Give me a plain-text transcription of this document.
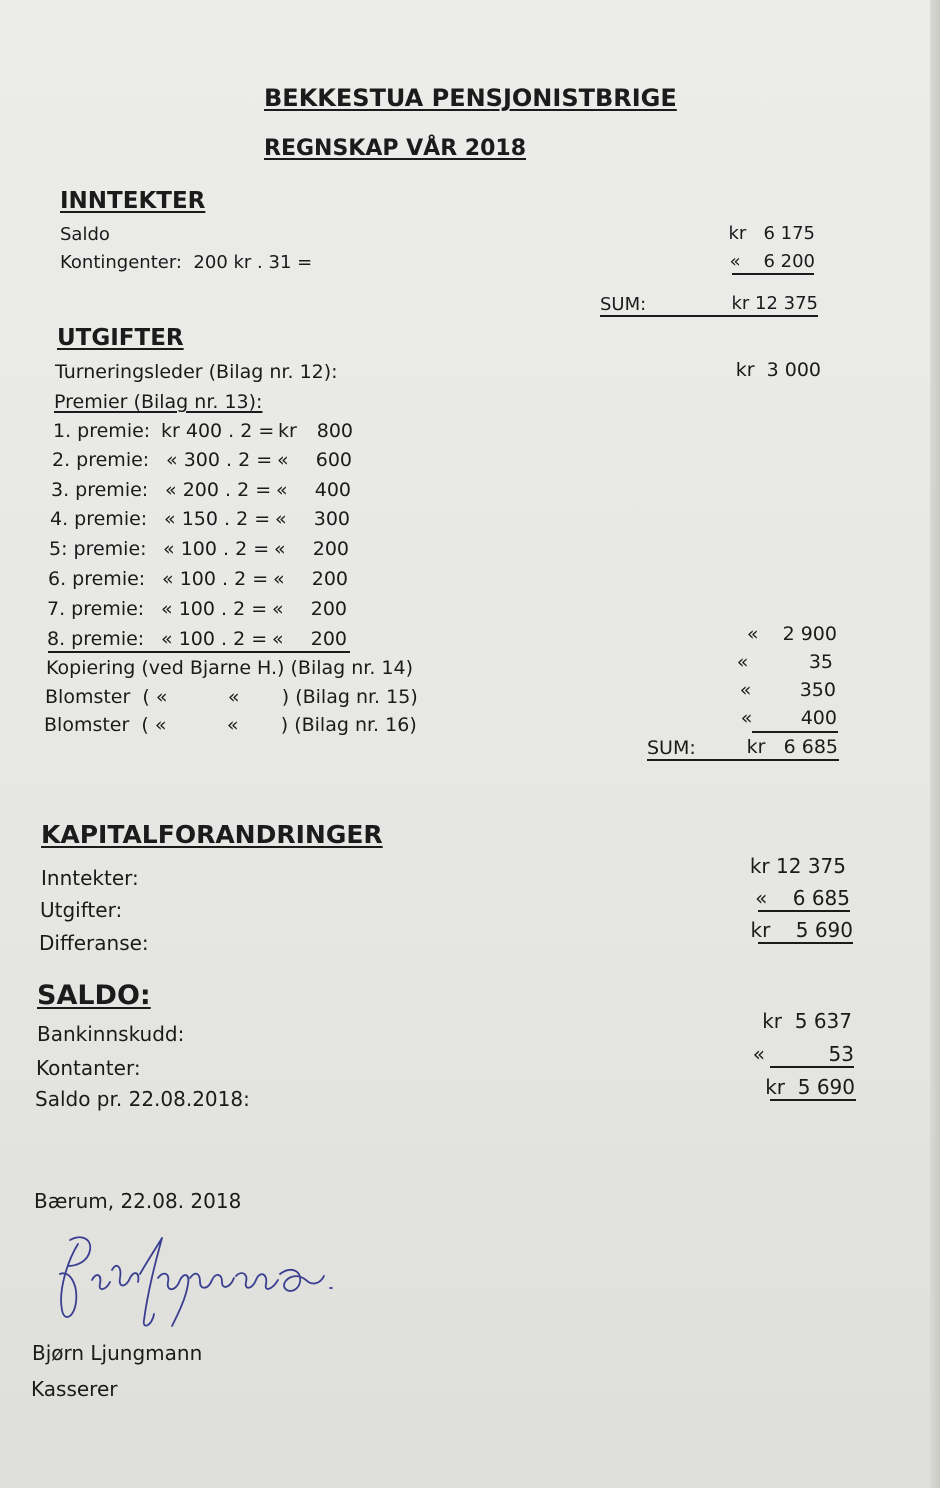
BEKKESTUA PENSJONISTBRIGE
REGNSKAP VÅR 2018
INNTEKTER
Saldo	kr   6 175
Kontingenter:  200 kr . 31 =	«    6 200
SUM:	kr 12 375
UTGIFTER
Turneringsleder (Bilag nr. 12):	kr  3 000
Premier (Bilag nr. 13):
1. premie: kr 400 . 2 = kr	800
2. premie: « 300 . 2 = «	600
3. premie: « 200 . 2 = «	400
4. premie: « 150 . 2 = «	300
5: premie: « 100 . 2 = «	200
6. premie: « 100 . 2 = «	200
7. premie: « 100 . 2 = «	200
8. premie: « 100 . 2 = «	200	«    2 900
Kopiering (ved Bjarne H.) (Bilag nr. 14)	«          35
Blomster  ( «          «       ) (Bilag nr. 15)	«        350
Blomster  ( «          «       ) (Bilag nr. 16)	«        400
SUM:	kr   6 685
KAPITALFORANDRINGER
Inntekter:	kr 12 375
Utgifter:	«    6 685
Differanse:
kr    5 690
SALDO:
Bankinnskudd:
kr  5 637
Kontanter:
«          53
Saldo pr. 22.08.2018:	kr  5 690
Bærum, 22.08. 2018
Bjørn Ljungmann
Kasserer
